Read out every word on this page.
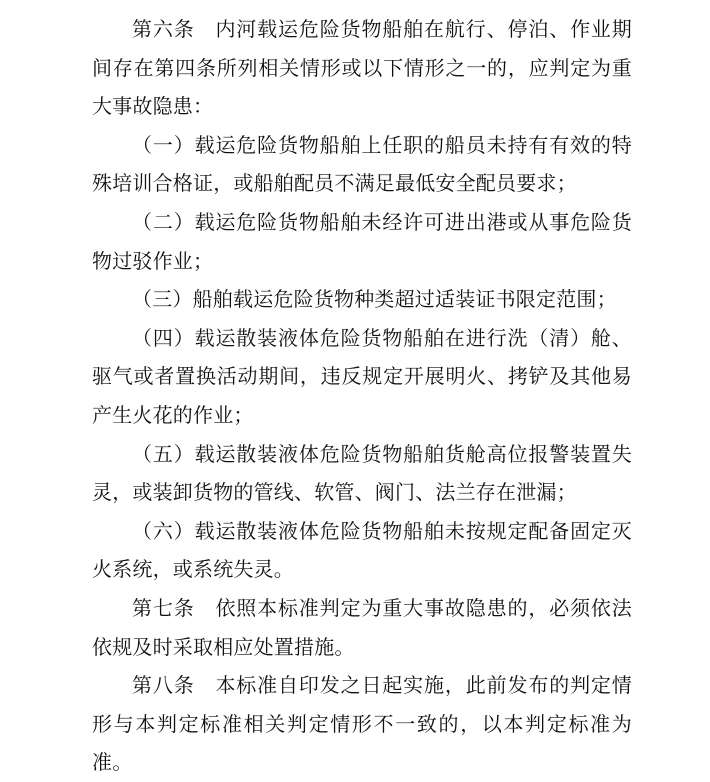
第六条　内河载运危险货物船舶在航行、停泊、作业期间存在第四条所列相关情形或以下情形之一的，应判定为重大事故隐患：

（一）载运危险货物船舶上任职的船员未持有有效的特殊培训合格证，或船舶配员不满足最低安全配员要求；

（二）载运危险货物船舶未经许可进出港或从事危险货物过驳作业；

（三）船舶载运危险货物种类超过适装证书限定范围；

（四）载运散装液体危险货物船舶在进行洗（清）舱、驱气或者置换活动期间，违反规定开展明火、拷铲及其他易产生火花的作业；

（五）载运散装液体危险货物船舶货舱高位报警装置失灵，或装卸货物的管线、软管、阀门、法兰存在泄漏；

（六）载运散装液体危险货物船舶未按规定配备固定灭火系统，或系统失灵。

第七条　依照本标准判定为重大事故隐患的，必须依法依规及时采取相应处置措施。

第八条　本标准自印发之日起实施，此前发布的判定情形与本判定标准相关判定情形不一致的，以本判定标准为准。
